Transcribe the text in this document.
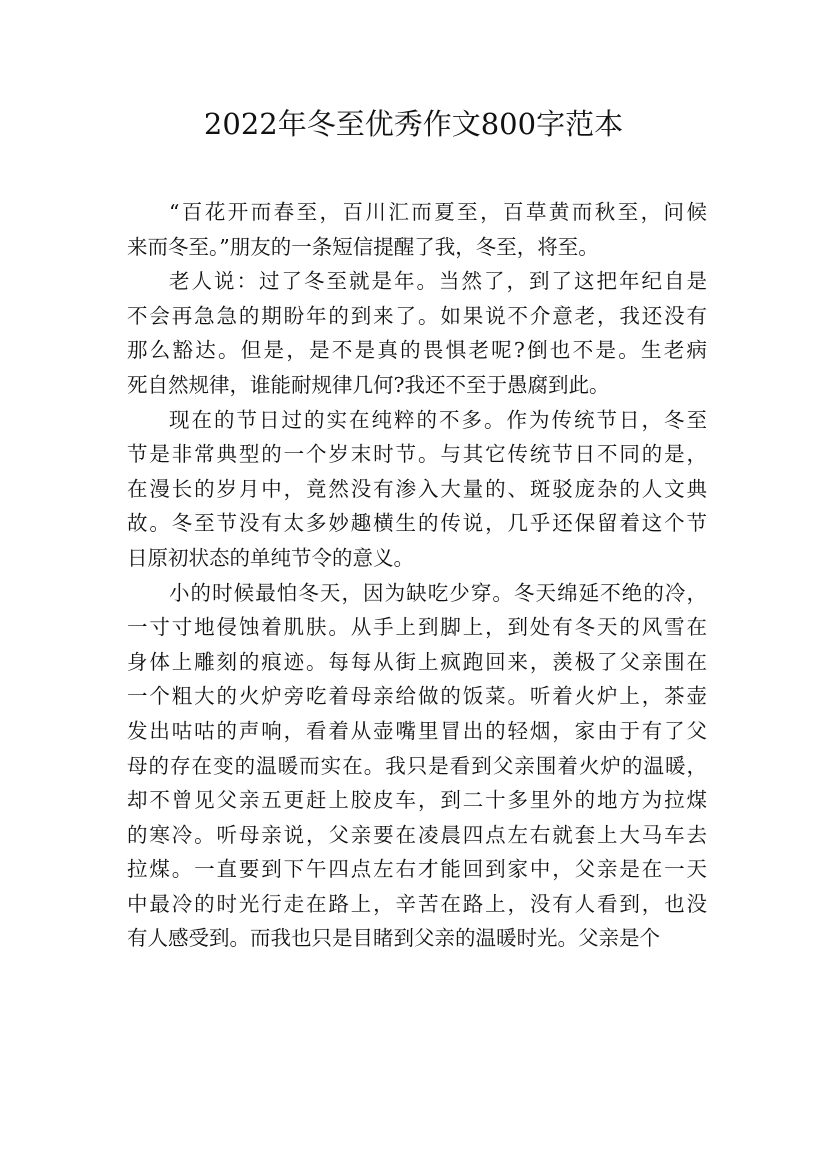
2022年冬至优秀作文800字范本
“百花开而春至，百川汇而夏至，百草黄而秋至，问候
来而冬至。”朋友的一条短信提醒了我，冬至，将至。
老人说：过了冬至就是年。当然了，到了这把年纪自是
不会再急急的期盼年的到来了。如果说不介意老，我还没有
那么豁达。但是，是不是真的畏惧老呢?倒也不是。生老病
死自然规律，谁能耐规律几何?我还不至于愚腐到此。
现在的节日过的实在纯粹的不多。作为传统节日，冬至
节是非常典型的一个岁末时节。与其它传统节日不同的是，
在漫长的岁月中，竟然没有渗入大量的、斑驳庞杂的人文典
故。冬至节没有太多妙趣横生的传说，几乎还保留着这个节
日原初状态的单纯节令的意义。
小的时候最怕冬天，因为缺吃少穿。冬天绵延不绝的冷，
一寸寸地侵蚀着肌肤。从手上到脚上，到处有冬天的风雪在
身体上雕刻的痕迹。每每从街上疯跑回来，羡极了父亲围在
一个粗大的火炉旁吃着母亲给做的饭菜。听着火炉上，茶壶
发出咕咕的声响，看着从壶嘴里冒出的轻烟，家由于有了父
母的存在变的温暖而实在。我只是看到父亲围着火炉的温暖，
却不曾见父亲五更赶上胶皮车，到二十多里外的地方为拉煤
的寒冷。听母亲说，父亲要在凌晨四点左右就套上大马车去
拉煤。一直要到下午四点左右才能回到家中，父亲是在一天
中最冷的时光行走在路上，辛苦在路上，没有人看到，也没
有人感受到。而我也只是目睹到父亲的温暖时光。父亲是个
